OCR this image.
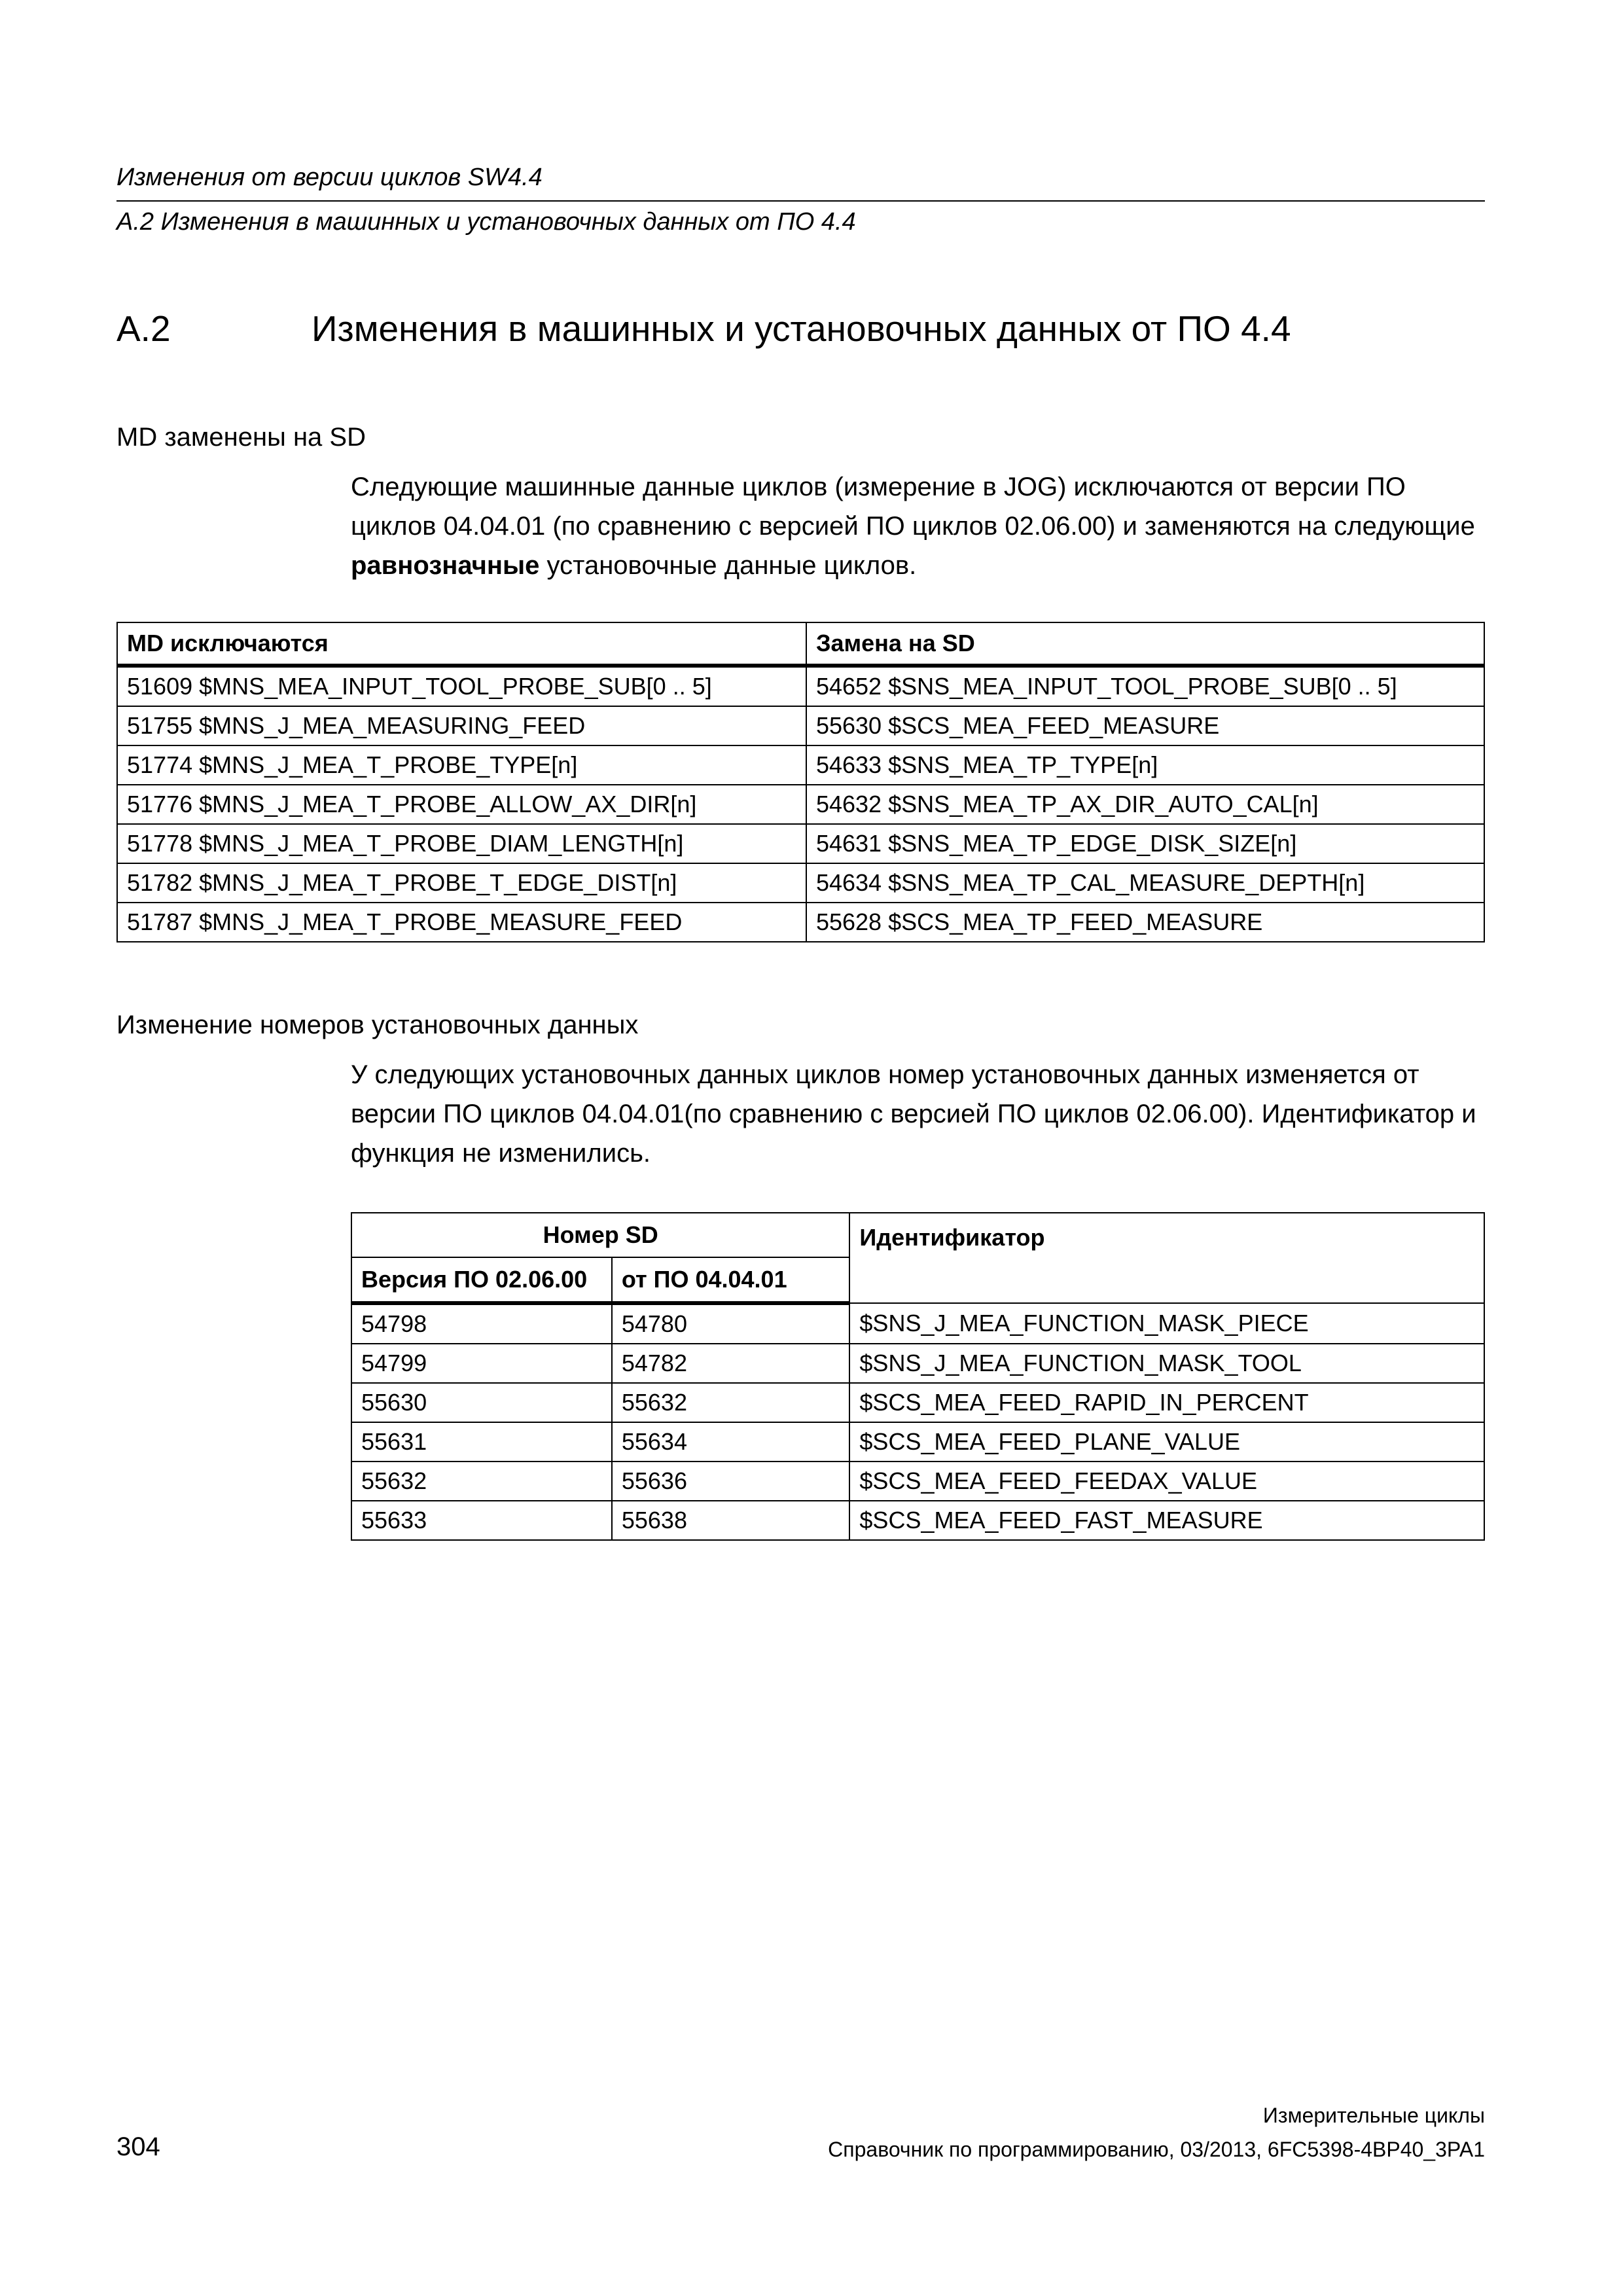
Изменения от версии циклов SW4.4
A.2 Изменения в машинных и установочных данных от ПО 4.4
A.2	Изменения в машинных и установочных данных от ПО 4.4
MD заменены на SD
Следующие машинные данные циклов (измерение в JOG) исключаются от версии ПО циклов 04.04.01 (по сравнению с версией ПО циклов 02.06.00) и заменяются на следующие равнозначные установочные данные циклов.
MD исключаются	Замена на SD
51609 $MNS_MEA_INPUT_TOOL_PROBE_SUB[0 .. 5]	54652 $SNS_MEA_INPUT_TOOL_PROBE_SUB[0 .. 5]
51755 $MNS_J_MEA_MEASURING_FEED	55630 $SCS_MEA_FEED_MEASURE
51774 $MNS_J_MEA_T_PROBE_TYPE[n]	54633 $SNS_MEA_TP_TYPE[n]
51776 $MNS_J_MEA_T_PROBE_ALLOW_AX_DIR[n]	54632 $SNS_MEA_TP_AX_DIR_AUTO_CAL[n]
51778 $MNS_J_MEA_T_PROBE_DIAM_LENGTH[n]	54631 $SNS_MEA_TP_EDGE_DISK_SIZE[n]
51782 $MNS_J_MEA_T_PROBE_T_EDGE_DIST[n]	54634 $SNS_MEA_TP_CAL_MEASURE_DEPTH[n]
51787 $MNS_J_MEA_T_PROBE_MEASURE_FEED	55628 $SCS_MEA_TP_FEED_MEASURE
Изменение номеров установочных данных
У следующих установочных данных циклов номер установочных данных изменяется от версии ПО циклов 04.04.01(по сравнению с версией ПО циклов 02.06.00). Идентификатор и функция не изменились.
Номер SD		Идентификатор
Версия ПО 02.06.00	от ПО 04.04.01	
54798	54780	$SNS_J_MEA_FUNCTION_MASK_PIECE
54799	54782	$SNS_J_MEA_FUNCTION_MASK_TOOL
55630	55632	$SCS_MEA_FEED_RAPID_IN_PERCENT
55631	55634	$SCS_MEA_FEED_PLANE_VALUE
55632	55636	$SCS_MEA_FEED_FEEDAX_VALUE
55633	55638	$SCS_MEA_FEED_FAST_MEASURE
Измерительные циклы
304	Справочник по программированию, 03/2013, 6FC5398-4BP40_3PA1
